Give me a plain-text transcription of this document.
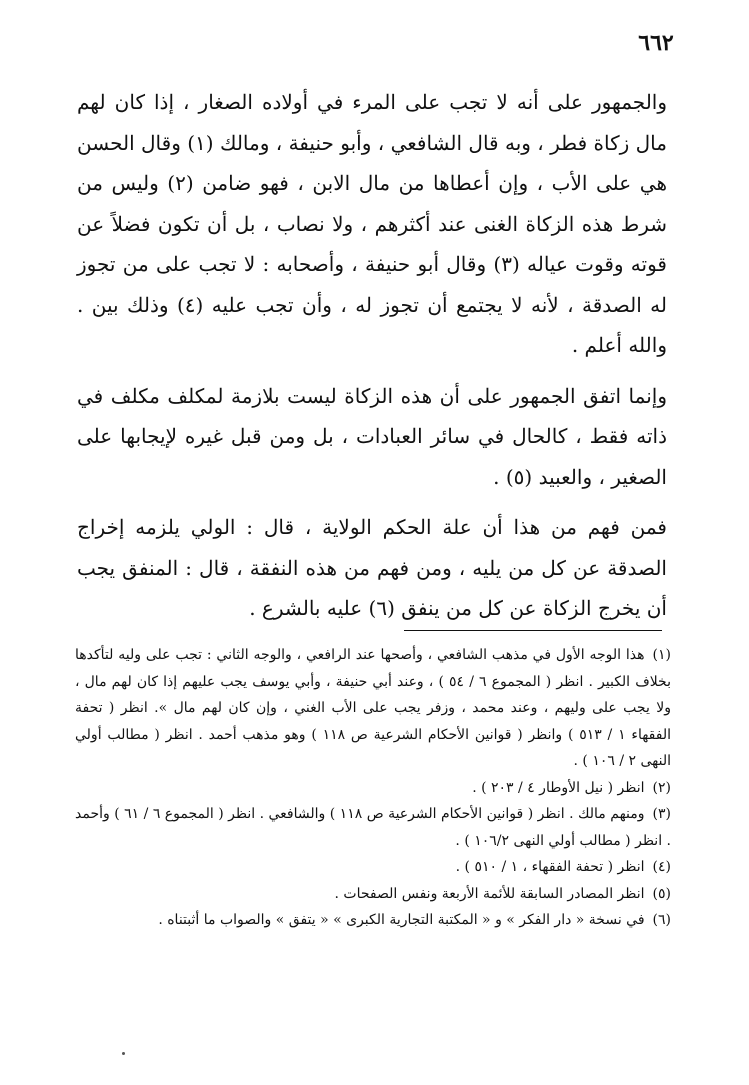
٦٦٢

والجمهور على أنه لا تجب على المرء في أولاده الصغار ، إذا كان لهم مال زكاة فطر ، وبه قال الشافعي ، وأبو حنيفة ، ومالك (١) وقال الحسن هي على الأب ، وإن أعطاها من مال الابن ، فهو ضامن (٢) وليس من شرط هذه الزكاة الغنى عند أكثرهم ، ولا نصاب ، بل أن تكون فضلاً عن قوته وقوت عياله (٣) وقال أبو حنيفة ، وأصحابه : لا تجب على من تجوز له الصدقة ، لأنه لا يجتمع أن تجوز له ، وأن تجب عليه (٤) وذلك بين . والله أعلم .

وإنما اتفق الجمهور على أن هذه الزكاة ليست بلازمة لمكلف مكلف في ذاته فقط ، كالحال في سائر العبادات ، بل ومن قبل غيره لإيجابها على الصغير ، والعبيد (٥) .

فمن فهم من هذا أن علة الحكم الولاية ، قال : الولي يلزمه إخراج الصدقة عن كل من يليه ، ومن فهم من هذه النفقة ، قال : المنفق يجب أن يخرج الزكاة عن كل من ينفق (٦) عليه بالشرع .

(١)هذا الوجه الأول في مذهب الشافعي ، وأصحها عند الرافعي ، والوجه الثاني : تجب على وليه لتأكدها بخلاف الكبير . انظر ( المجموع ٦ / ٥٤ ) ، وعند أبي حنيفة ، وأبي يوسف يجب عليهم إذا كان لهم مال ، ولا يجب على وليهم ، وعند محمد ، وزفر يجب على الأب الغني ، وإن كان لهم مال ». انظر ( تحفة الفقهاء ١ / ٥١٣ ) وانظر ( قوانين الأحكام الشرعية ص ١١٨ ) وهو مذهب أحمد . انظر ( مطالب أولي النهى ٢ / ١٠٦ ) .
(٢)انظر ( نيل الأوطار ٤ / ٢٠٣ ) .
(٣)ومنهم مالك . انظر ( قوانين الأحكام الشرعية ص ١١٨ ) والشافعي . انظر ( المجموع ٦ / ٦١ ) وأحمد . انظر ( مطالب أولي النهى ١٠٦/٢ ) .
(٤)انظر ( تحفة الفقهاء ، ١ / ٥١٠ ) .
(٥)انظر المصادر السابقة للأئمة الأربعة ونفس الصفحات .
(٦)في نسخة « دار الفكر » و « المكتبة التجارية الكبرى » « يتفق » والصواب ما أثبتناه .
